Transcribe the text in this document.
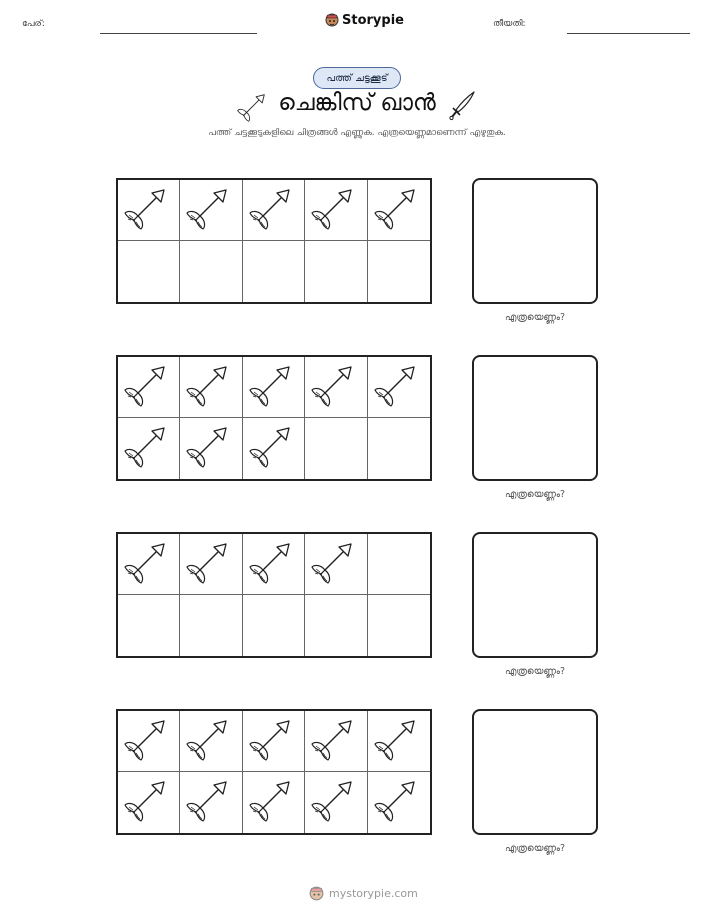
പേര്:	Storypie	തീയതി:
പത്ത് ചട്ടക്കൂട്
ചെങ്കിസ് ഖാൻ
പത്ത് ചട്ടക്കൂടുകളിലെ ചിത്രങ്ങൾ എണ്ണുക. എത്രയെണ്ണമാണെന്ന് എഴുതുക.
എത്രയെണ്ണം?
എത്രയെണ്ണം?
എത്രയെണ്ണം?
എത്രയെണ്ണം?
mystorypie.com
